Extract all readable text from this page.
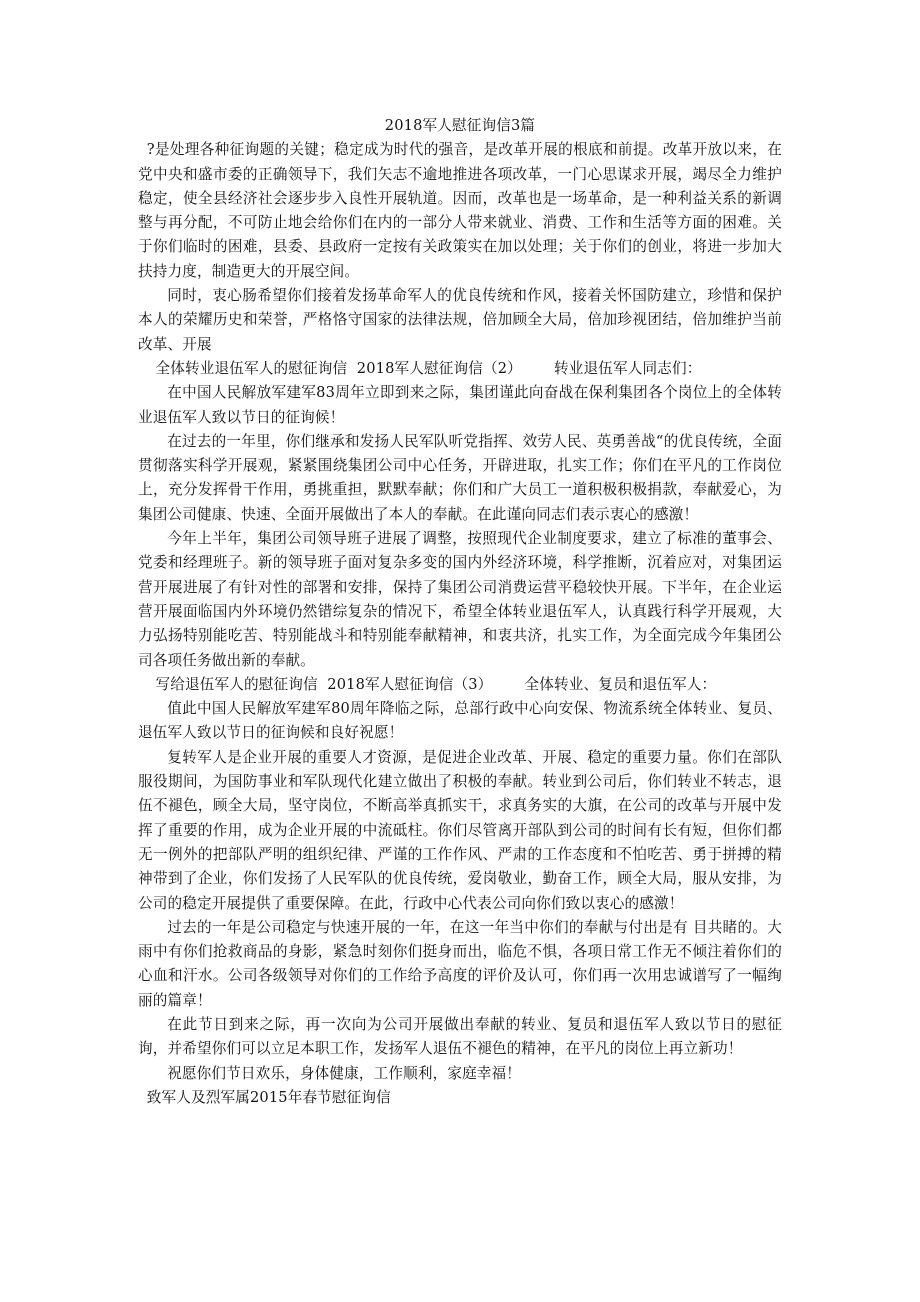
2018军人慰征询信3篇

?是处理各种征询题的关键；稳定成为时代的强音，是改革开展的根底和前提。改革开放以来，在党中央和盛市委的正确领导下，我们矢志不逾地推进各项改革，一门心思谋求开展，竭尽全力维护稳定，使全县经济社会逐步步入良性开展轨道。因而，改革也是一场革命，是一种利益关系的新调整与再分配，不可防止地会给你们在内的一部分人带来就业、消费、工作和生活等方面的困难。关于你们临时的困难，县委、县政府一定按有关政策实在加以处理；关于你们的创业，将进一步加大扶持力度，制造更大的开展空间。

同时，衷心肠希望你们接着发扬革命军人的优良传统和作风，接着关怀国防建立，珍惜和保护本人的荣耀历史和荣誉，严格恪守国家的法律法规，倍加顾全大局，倍加珍视团结，倍加维护当前改革、开展

全体转业退伍军人的慰征询信 2018军人慰征询信（2） 转业退伍军人同志们：

在中国人民解放军建军83周年立即到来之际，集团谨此向奋战在保利集团各个岗位上的全体转业退伍军人致以节日的征询候！

在过去的一年里，你们继承和发扬人民军队听党指挥、效劳人民、英勇善战“的优良传统，全面贯彻落实科学开展观，紧紧围绕集团公司中心任务，开辟进取，扎实工作；你们在平凡的工作岗位上，充分发挥骨干作用，勇挑重担，默默奉献；你们和广大员工一道积极积极捐款，奉献爱心，为集团公司健康、快速、全面开展做出了本人的奉献。在此谨向同志们表示衷心的感激！

今年上半年，集团公司领导班子进展了调整，按照现代企业制度要求，建立了标准的董事会、党委和经理班子。新的领导班子面对复杂多变的国内外经济环境，科学推断，沉着应对，对集团运营开展进展了有针对性的部署和安排，保持了集团公司消费运营平稳较快开展。下半年，在企业运营开展面临国内外环境仍然错综复杂的情况下，希望全体转业退伍军人，认真践行科学开展观，大力弘扬特别能吃苦、特别能战斗和特别能奉献精神，和衷共济，扎实工作，为全面完成今年集团公司各项任务做出新的奉献。

写给退伍军人的慰征询信 2018军人慰征询信（3） 全体转业、复员和退伍军人：

值此中国人民解放军建军80周年降临之际，总部行政中心向安保、物流系统全体转业、复员、退伍军人致以节日的征询候和良好祝愿！

复转军人是企业开展的重要人才资源，是促进企业改革、开展、稳定的重要力量。你们在部队服役期间，为国防事业和军队现代化建立做出了积极的奉献。转业到公司后，你们转业不转志，退伍不褪色，顾全大局，坚守岗位，不断高举真抓实干，求真务实的大旗，在公司的改革与开展中发挥了重要的作用，成为企业开展的中流砥柱。你们尽管离开部队到公司的时间有长有短，但你们都无一例外的把部队严明的组织纪律、严谨的工作作风、严肃的工作态度和不怕吃苦、勇于拼搏的精神带到了企业，你们发扬了人民军队的优良传统，爱岗敬业，勤奋工作，顾全大局，服从安排，为公司的稳定开展提供了重要保障。在此，行政中心代表公司向你们致以衷心的感激！

过去的一年是公司稳定与快速开展的一年，在这一年当中你们的奉献与付出是有 目共睹的。大雨中有你们抢救商品的身影，紧急时刻你们挺身而出，临危不惧，各项日常工作无不倾注着你们的心血和汗水。公司各级领导对你们的工作给予高度的评价及认可，你们再一次用忠诚谱写了一幅绚丽的篇章！

在此节日到来之际，再一次向为公司开展做出奉献的转业、复员和退伍军人致以节日的慰征询，并希望你们可以立足本职工作，发扬军人退伍不褪色的精神，在平凡的岗位上再立新功！

祝愿你们节日欢乐，身体健康，工作顺利，家庭幸福！

致军人及烈军属2015年春节慰征询信
